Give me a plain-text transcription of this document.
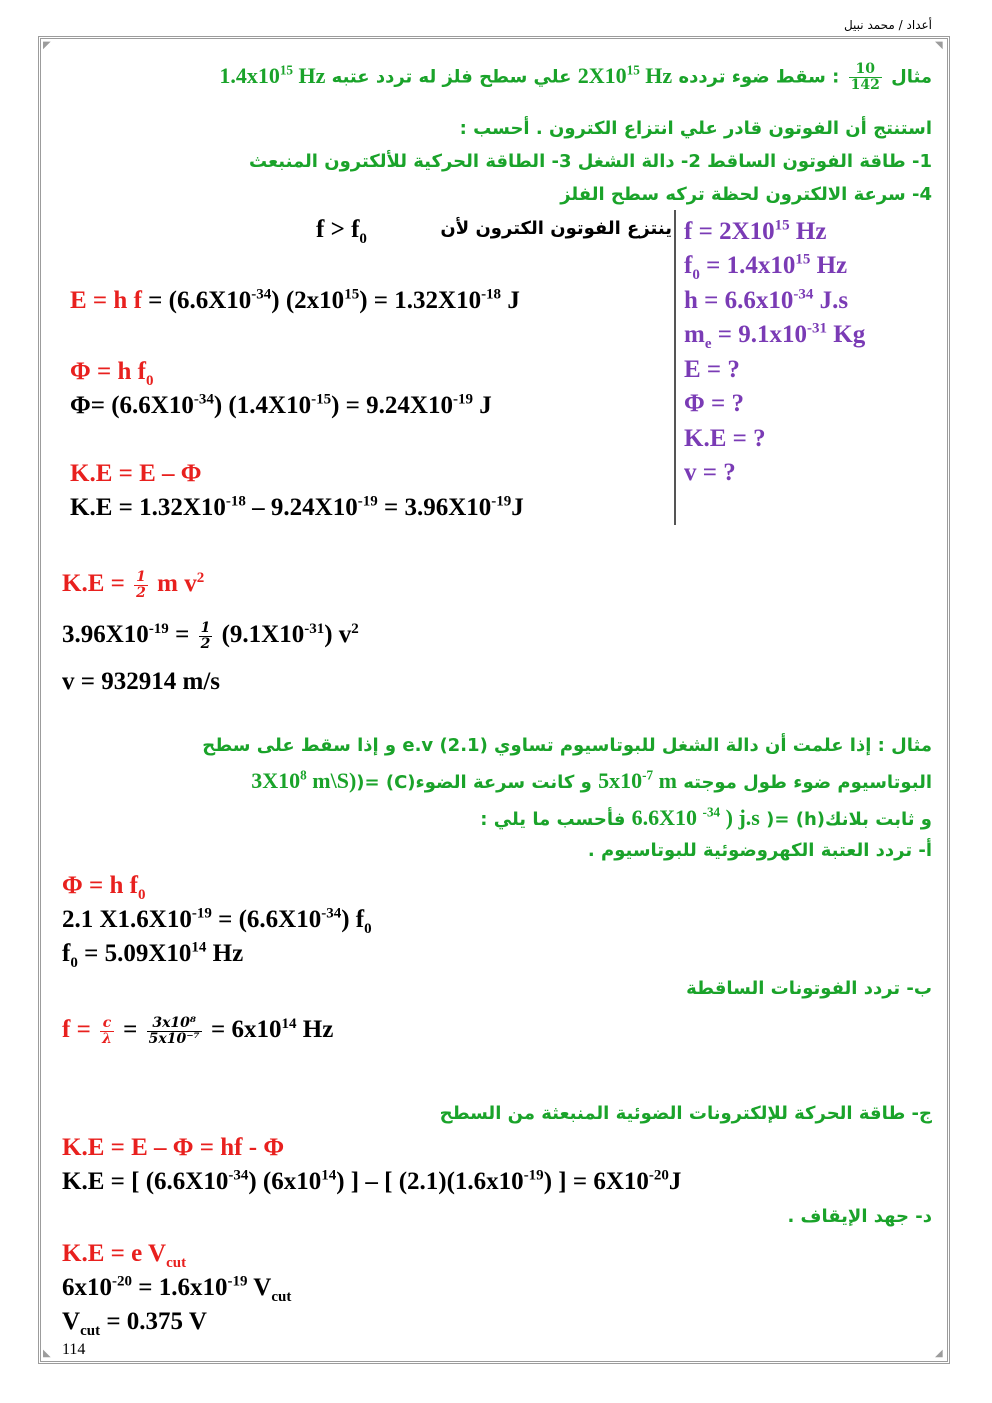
أعداد / محمد نبيل
◤	◥
◣	◢
مثال
$\frac{10}{142}$
: سقط ضوء تردده $2X10^{15}$ Hz علي سطح فلز له تردد عتبه $1.4x10^{15}$ Hz
استنتج أن الفوتون قادر علي انتزاع الكترون . أحسب :
1- طاقة الفوتون الساقط 2- دالة الشغل 3- الطاقة الحركية للألكترون المنبعث
4- سرعة الالكترون لحظة تركه سطح الفلز
ينتزع الفوتون الكترون لأن
$f > f_0$	$f = 2X10^{15}$ Hz
$f_0 = 1.4x10^{15}$ Hz
$h = 6.6x10^{-34}$ J.s
$m_e = 9.1x10^{-31}$ Kg
E = ?
Φ = ?
K.E = ?
v = ?
E = h $f = (6.6X10^{-34}) (2x10^{15}) = 1.32X10^{-18}$ J
Φ = h $f_0$
$\Phi= (6.6X10^{-34}) (1.4X10^{-15}) = 9.24X10^{-19}$ J
K.E = E – Φ
$K.E = 1.32X10^{-18} - 9.24X10^{-19} = 3.96X10^{-19}J$
$K.E = \frac{1}{2}$ m $v^2$
$3.96X10^{-19} = \frac{1}{2} (9.1X10^{-31})$ $v^2$
v = 932914 m/s
مثال : إذا علمت أن دالة الشغل للبوتاسيوم تساوي (2.1) e.v و إذا سقط على سطح
البوتاسيوم ضوء طول موجته $5x10^{-7}$ m و كانت سرعة الضوء(C) $=(3X10^8$ m\S)
و ثابت بلانك(h) =( 6.6X10 $^{-34}$ ) j.s فأحسب ما يلي :
أ- تردد العتبة الكهروضوئية للبوتاسيوم .
Φ = h $f_0$
2.1 $X1.6X10^{-19} = (6.6X10^{-34})$ $f_0$
$f_0 = 5.09X10^{14}$ Hz
ب- تردد الفوتونات الساقطة
$f = \frac{c}{\lambda} = \frac{\text{3x10⁸}}{\text{5x10⁻⁷}} = 6x10^{14}$ Hz
ج- طاقة الحركة للإلكترونات الضوئية المنبعثة من السطح
K.E = E – Φ = hf - Φ
K.E = [ $(6.6X10^{-34})$ $(6x10^{14})$ ] – [ $(2.1)(1.6x10^{-19})$ ] = $6X10^{-20}J$
د- جهد الإيقاف .
K.E = e $V_{cut}$
$6x10^{-20} = 1.6x10^{-19}$ $V_{cut}$
$V_{cut} = 0.375$ V
114
